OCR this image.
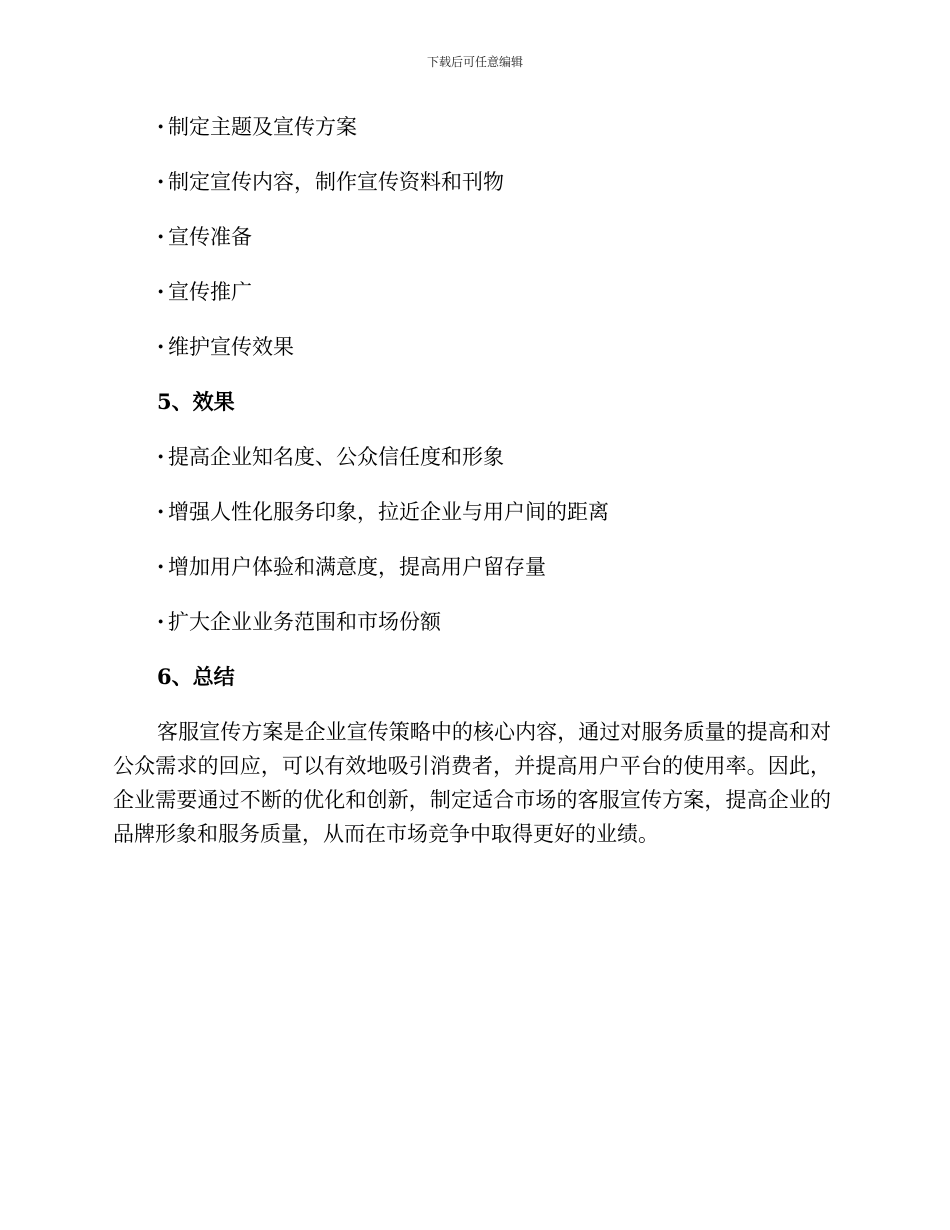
下载后可任意编辑
· 制定主题及宣传方案
· 制定宣传内容，制作宣传资料和刊物
· 宣传准备
· 宣传推广
· 维护宣传效果
5、效果
· 提高企业知名度、公众信任度和形象
· 增强人性化服务印象，拉近企业与用户间的距离
· 增加用户体验和满意度，提高用户留存量
· 扩大企业业务范围和市场份额
6、总结

客服宣传方案是企业宣传策略中的核心内容，通过对服务质量的提高和对公众需求的回应，可以有效地吸引消费者，并提高用户平台的使用率。因此，企业需要通过不断的优化和创新，制定适合市场的客服宣传方案，提高企业的品牌形象和服务质量，从而在市场竞争中取得更好的业绩。
